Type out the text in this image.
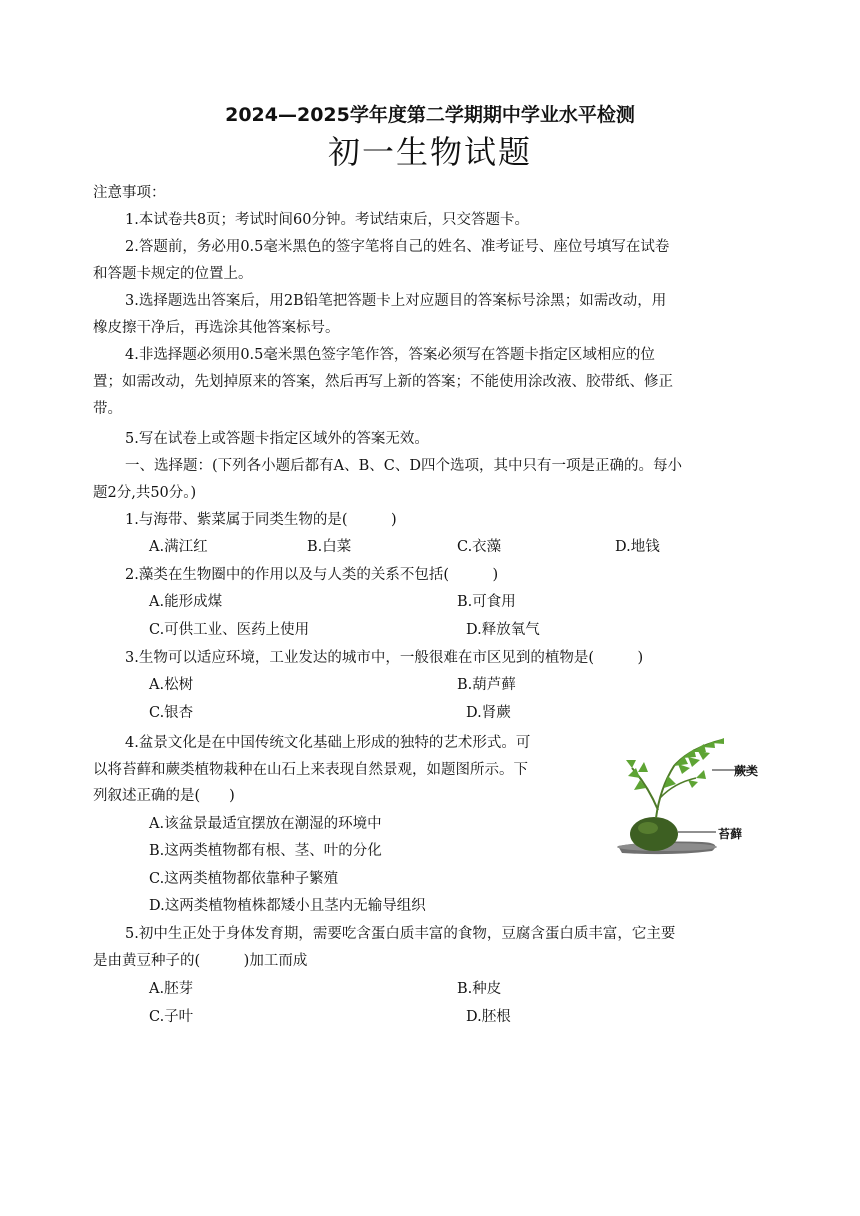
2024—2025学年度第二学期期中学业水平检测
初一生物试题
注意事项：
1.本试卷共8页；考试时间60分钟。考试结束后，只交答题卡。
2.答题前，务必用0.5毫米黑色的签字笔将自己的姓名、准考证号、座位号填写在试卷
和答题卡规定的位置上。
3.选择题选出答案后，用2B铅笔把答题卡上对应题目的答案标号涂黑；如需改动，用
橡皮擦干净后，再选涂其他答案标号。
4.非选择题必须用0.5毫米黑色签字笔作答，答案必须写在答题卡指定区域相应的位
置；如需改动，先划掉原来的答案，然后再写上新的答案；不能使用涂改液、胶带纸、修正
带。
5.写在试卷上或答题卡指定区域外的答案无效。
一、选择题：(下列各小题后都有A、B、C、D四个选项，其中只有一项是正确的。每小
题2分,共50分。)
1.与海带、紫菜属于同类生物的是(　　　)
A.满江红	B.白菜	C.衣藻	D.地钱
2.藻类在生物圈中的作用以及与人类的关系不包括(　　　)
A.能形成煤	B.可食用
C.可供工业、医药上使用	D.释放氧气
3.生物可以适应环境，工业发达的城市中，一般很难在市区见到的植物是(　　　)
A.松树	B.葫芦藓
C.银杏	D.肾蕨
4.盆景文化是在中国传统文化基础上形成的独特的艺术形式。可
以将苔藓和蕨类植物栽种在山石上来表现自然景观，如题图所示。下
列叙述正确的是(　　)
A.该盆景最适宜摆放在潮湿的环境中
B.这两类植物都有根、茎、叶的分化
C.这两类植物都依靠种子繁殖
D.这两类植物植株都矮小且茎内无输导组织
蕨类
苔藓
5.初中生正处于身体发育期，需要吃含蛋白质丰富的食物，豆腐含蛋白质丰富，它主要
是由黄豆种子的(　　　)加工而成
A.胚芽	B.种皮
C.子叶	D.胚根
